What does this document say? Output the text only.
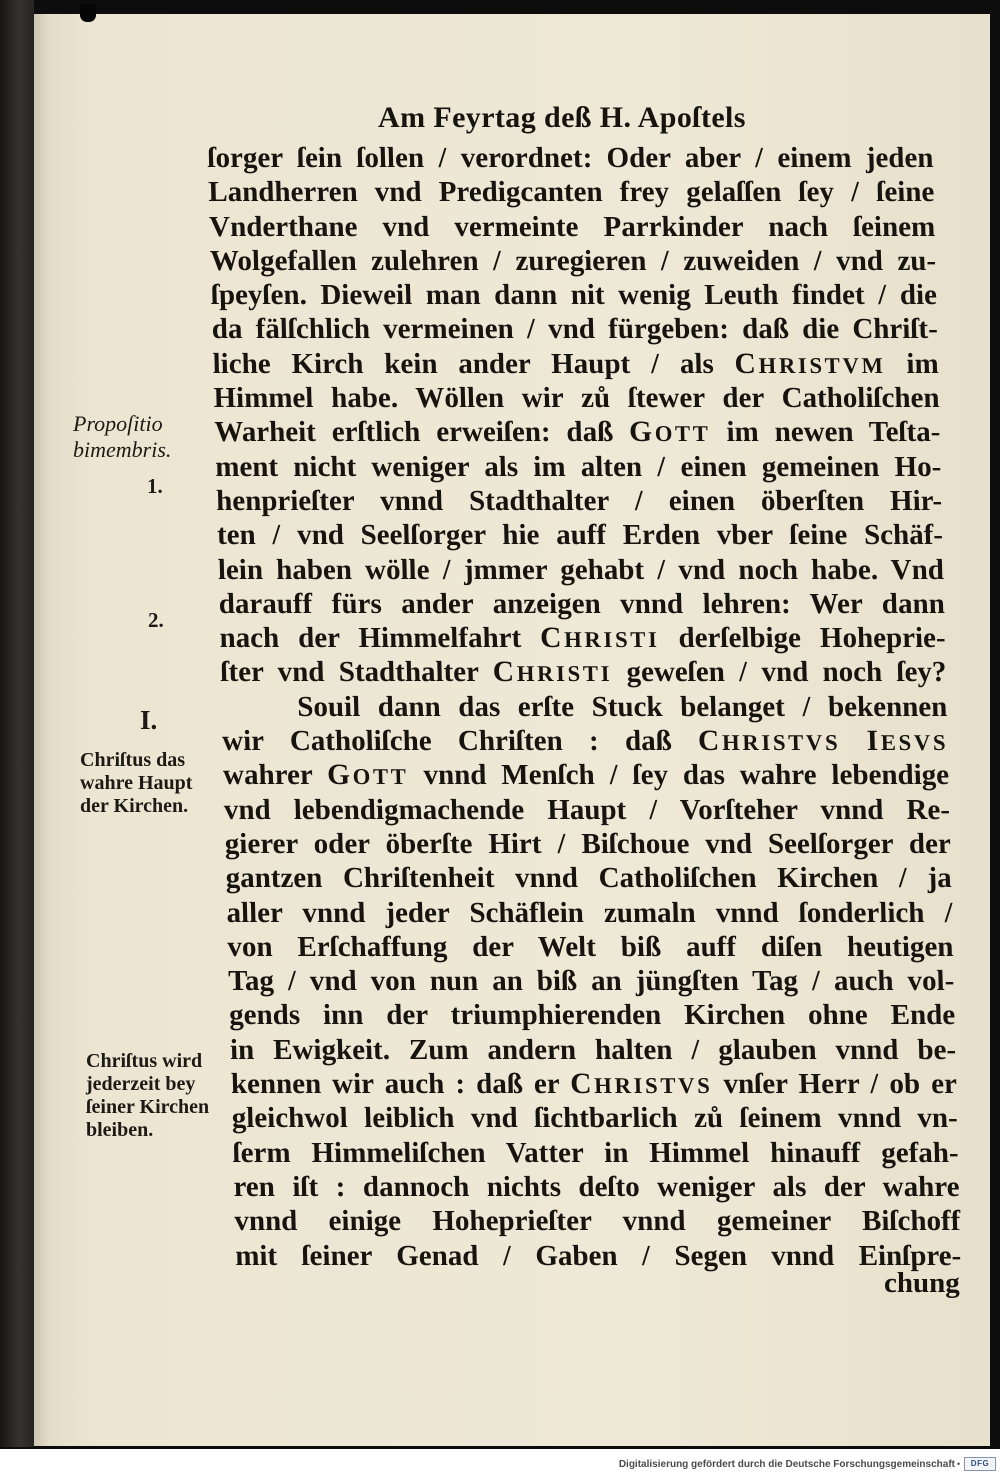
Am Feyrtag deß H. Apoſtels
Propoſitio
bimembris.
1.
2.
I.
Chriſtus das
wahre Haupt
der Kirchen.
Chriſtus wird
jederzeit bey
ſeiner Kirchen
bleiben.
ſorger ſein ſollen / verordnet: Oder aber / einem jeden
Landherren vnd Predigcanten frey gelaſſen ſey / ſeine
Vnderthane vnd vermeinte Parrkinder nach ſeinem
Wolgefallen zulehren / zuregieren / zuweiden / vnd zu-
ſpeyſen. Dieweil man dann nit wenig Leuth findet / die
da fälſchlich vermeinen / vnd fürgeben: daß die Chriſt-
liche Kirch kein ander Haupt / als CHRISTVM im
Himmel habe. Wöllen wir zů ſtewer der Catholiſchen
Warheit erſtlich erweiſen: daß GOTT im newen Teſta-
ment nicht weniger als im alten / einen gemeinen Ho-
henprieſter vnnd Stadthalter / einen öberſten Hir-
ten / vnd Seelſorger hie auff Erden vber ſeine Schäf-
lein haben wölle / jmmer gehabt / vnd noch habe. Vnd
darauff fürs ander anzeigen vnnd lehren: Wer dann
nach der Himmelfahrt CHRISTI derſelbige Hoheprie-
ſter vnd Stadthalter CHRISTI geweſen / vnd noch ſey?
Souil dann das erſte Stuck belanget / bekennen
wir Catholiſche Chriſten : daß CHRISTVS IESVS
wahrer GOTT vnnd Menſch / ſey das wahre lebendige
vnd lebendigmachende Haupt / Vorſteher vnnd Re-
gierer oder öberſte Hirt / Biſchoue vnd Seelſorger der
gantzen Chriſtenheit vnnd Catholiſchen Kirchen / ja
aller vnnd jeder Schäflein zumaln vnnd ſonderlich /
von Erſchaffung der Welt biß auff diſen heutigen
Tag / vnd von nun an biß an jüngſten Tag / auch vol-
gends inn der triumphierenden Kirchen ohne Ende
in Ewigkeit. Zum andern halten / glauben vnnd be-
kennen wir auch : daß er CHRISTVS vnſer Herr / ob er
gleichwol leiblich vnd ſichtbarlich zů ſeinem vnnd vn-
ſerm Himmeliſchen Vatter in Himmel hinauff gefah-
ren iſt : dannoch nichts deſto weniger als der wahre
vnnd einige Hoheprieſter vnnd gemeiner Biſchoff
mit ſeiner Genad / Gaben / Segen vnnd Einſpre-
chung
Digitalisierung gefördert durch die Deutsche Forschungsgemeinschaft •	DFG
